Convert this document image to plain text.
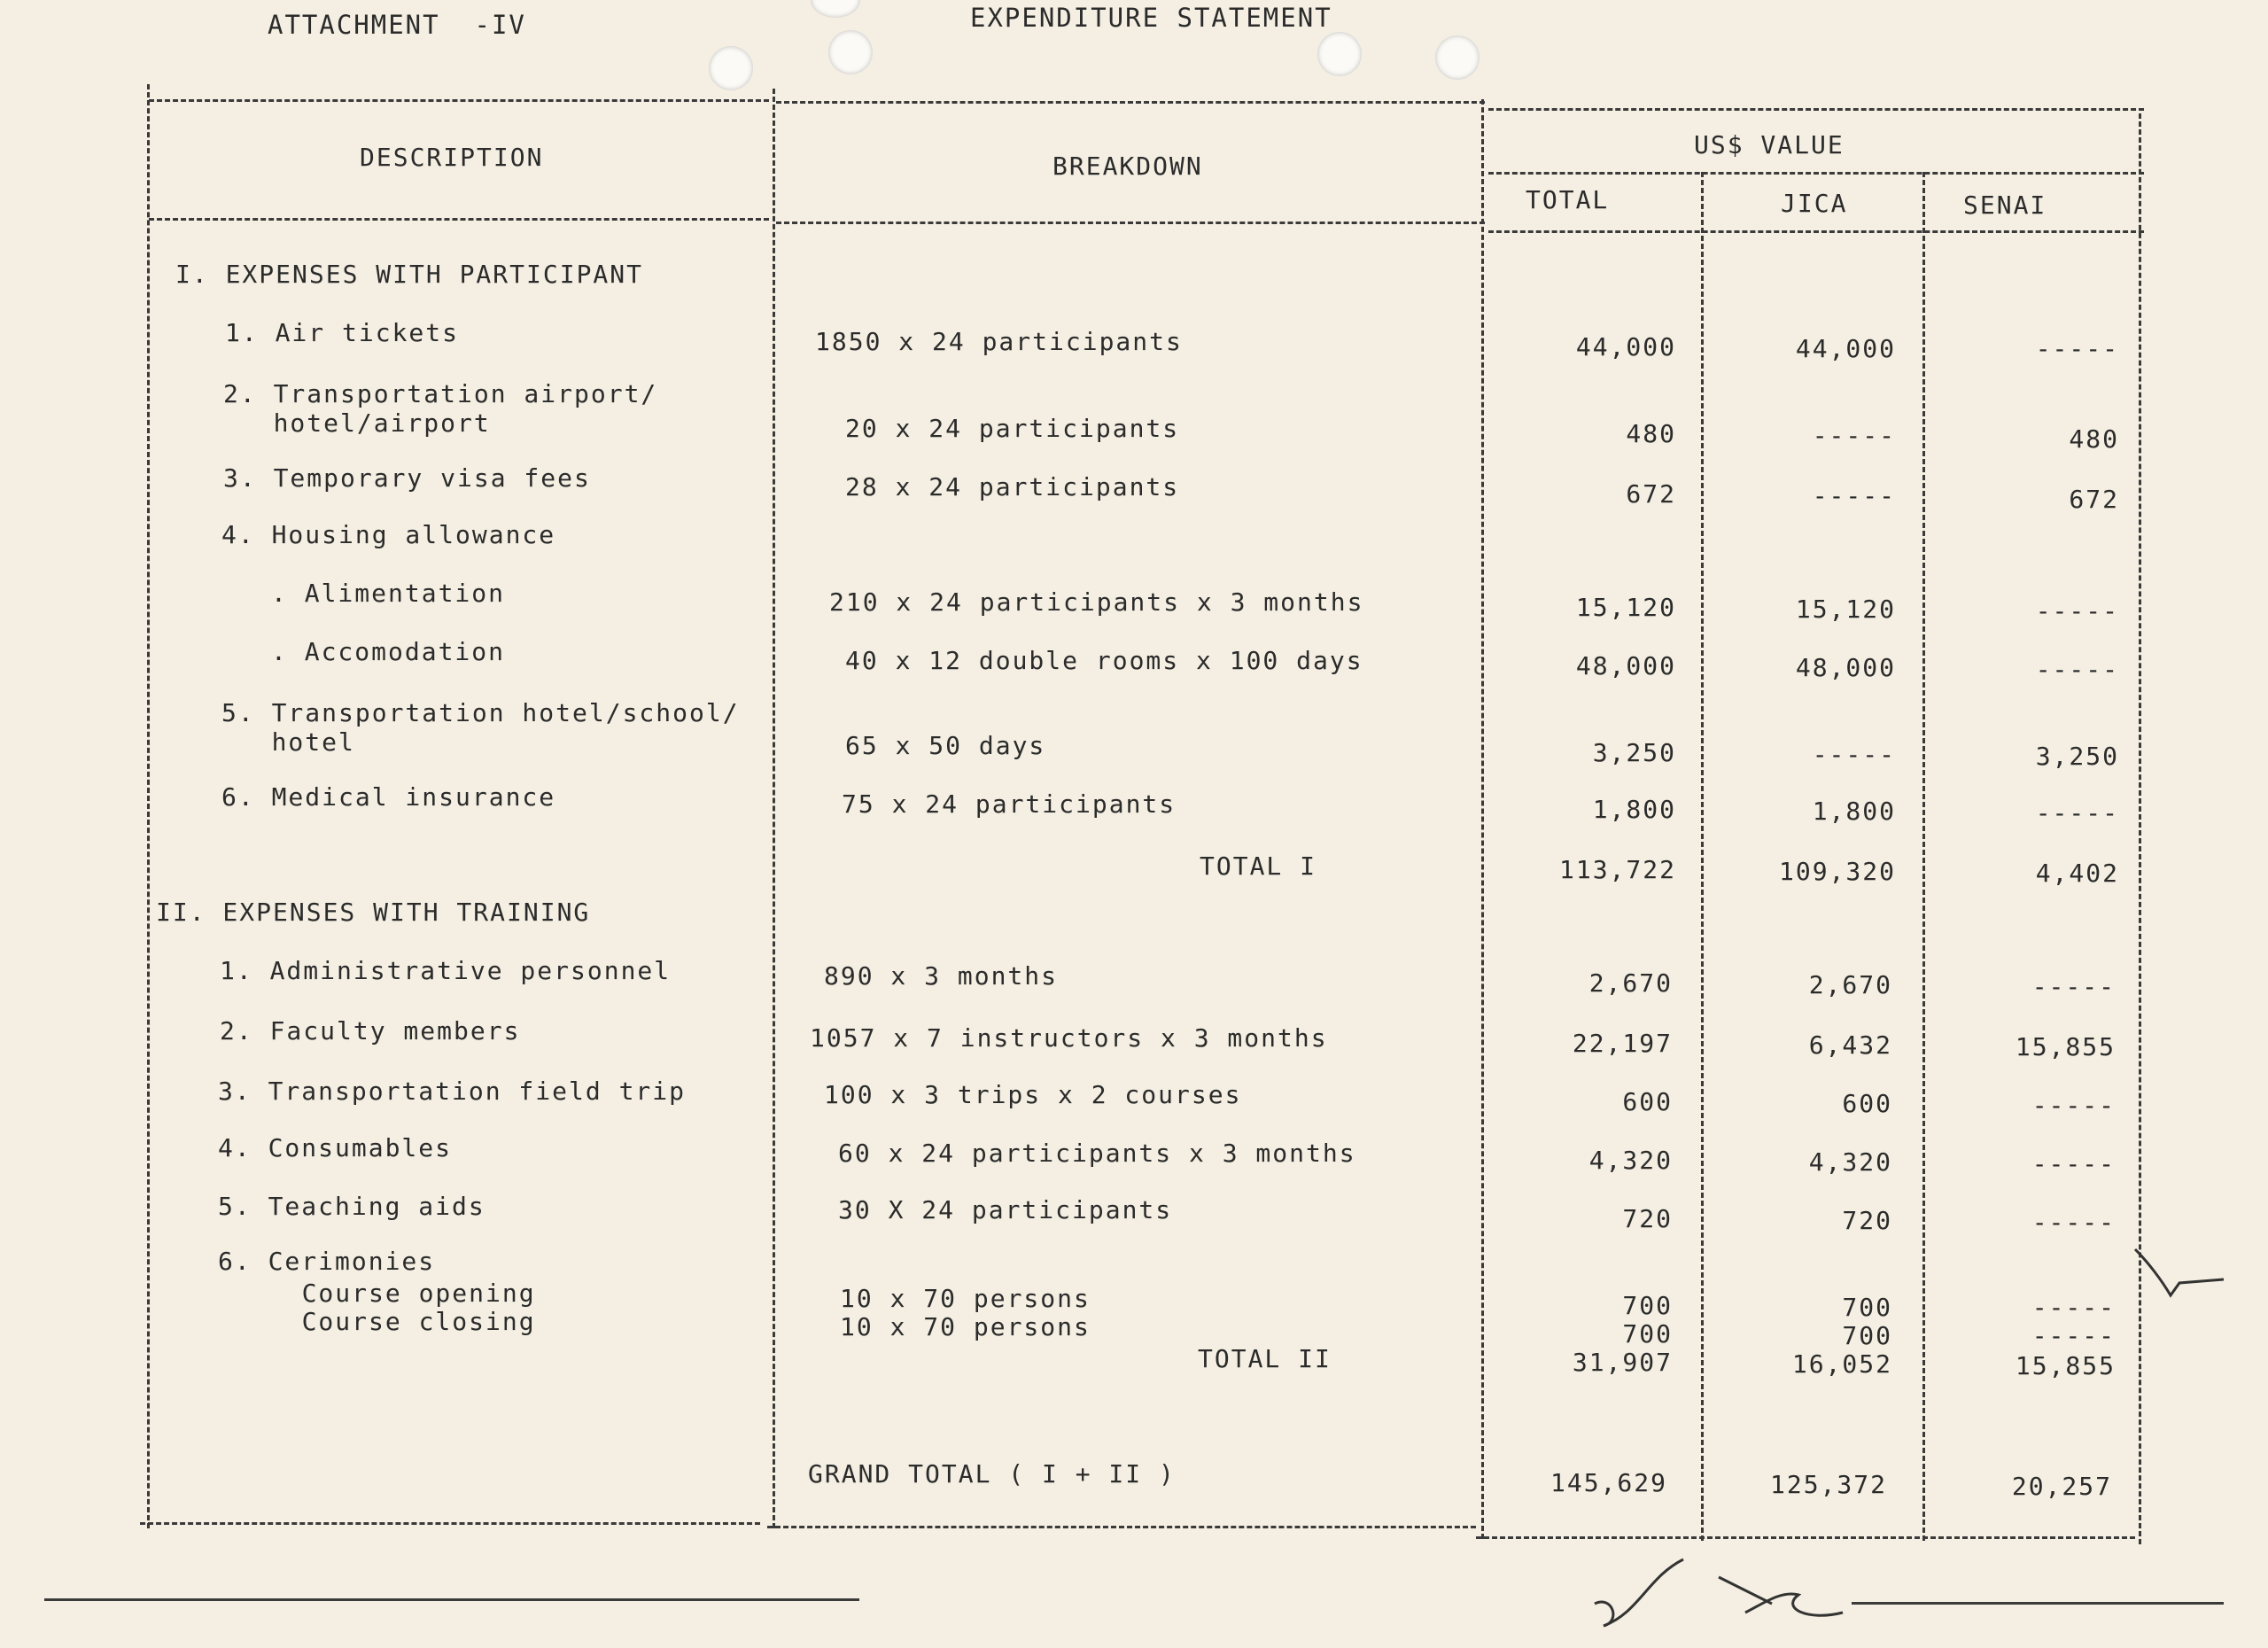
ATTACHMENT  -IV	EXPENDITURE STATEMENT
DESCRIPTION	BREAKDOWN
US$ VALUE
TOTAL	JICA	SENAI
I. EXPENSES WITH PARTICIPANT
1. Air tickets	1850 x 24 participants	44,000	44,000	-----
2. Transportation airport/
hotel/airport	20 x 24 participants	480	-----	480
3. Temporary visa fees	28 x 24 participants	672	-----	672
4. Housing allowance
. Alimentation	210 x 24 participants x 3 months	15,120	15,120	-----
. Accomodation	40 x 12 double rooms x 100 days	48,000	48,000	-----
5. Transportation hotel/school/
hotel	65 x 50 days	3,250	-----	3,250
6. Medical insurance	75 x 24 participants	1,800	1,800	-----
TOTAL I	113,722	109,320	4,402
II. EXPENSES WITH TRAINING
1. Administrative personnel	890 x 3 months	2,670	2,670	-----
2. Faculty members	1057 x 7 instructors x 3 months	22,197	6,432	15,855
3. Transportation field trip	100 x 3 trips x 2 courses	600	600	-----
4. Consumables	60 x 24 participants x 3 months	4,320	4,320	-----
5. Teaching aids	30 X 24 participants	720	720	-----
6. Cerimonies
Course opening	10 x 70 persons	700	700	-----
Course closing	10 x 70 persons	700	700	-----
TOTAL II	31,907	16,052	15,855
GRAND TOTAL ( I + II )	145,629	125,372	20,257
